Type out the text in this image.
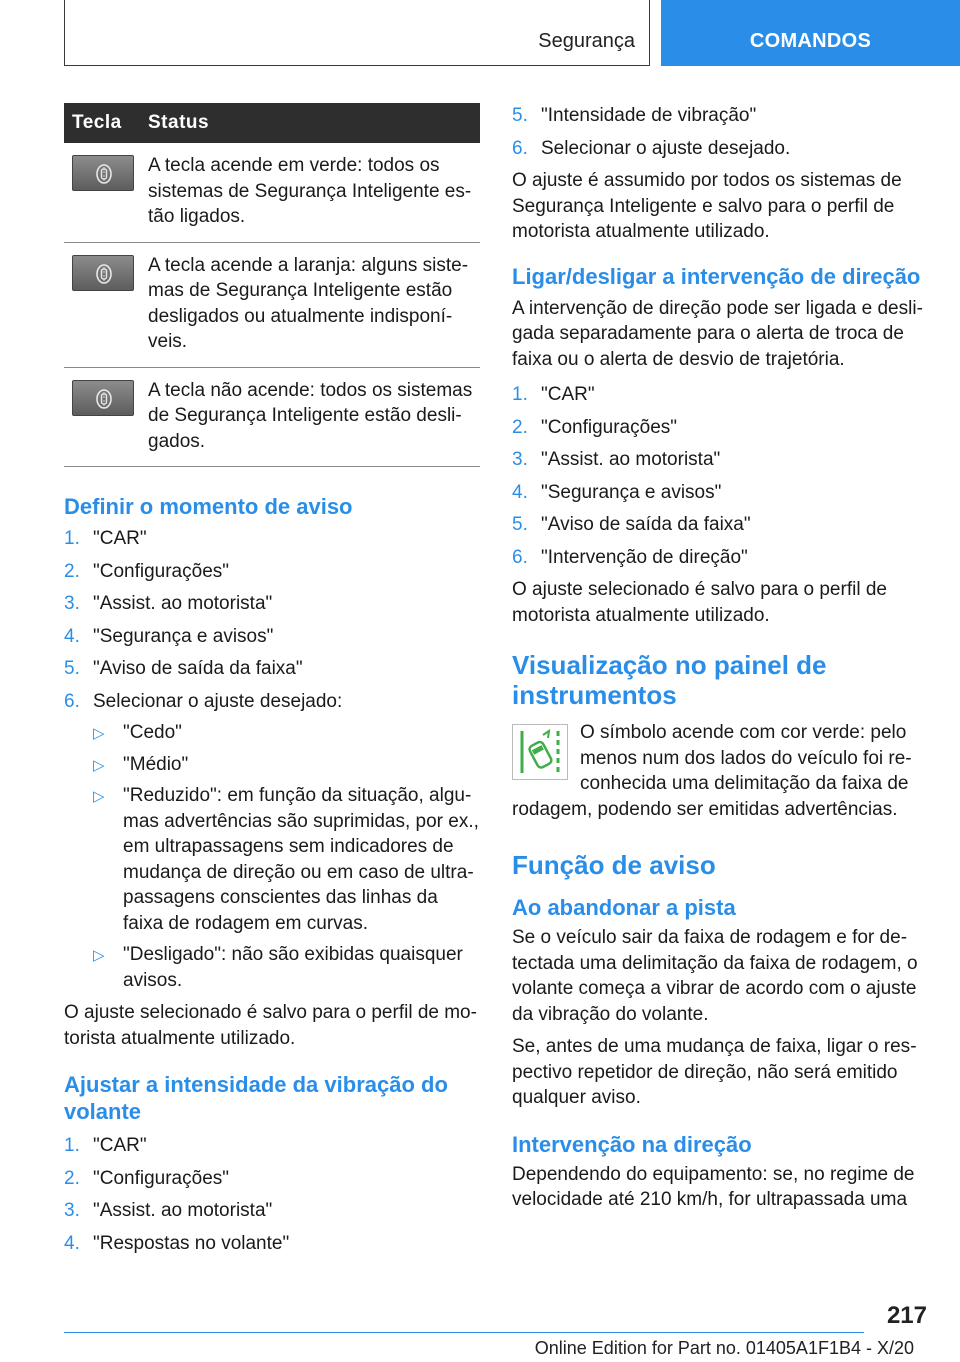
Segurança	COMANDOS
Tecla	Status

	A tecla acende em verde: todos os sistemas de Segurança Inteligente estão ligados.

	A tecla acende a laranja: alguns sistemas de Segurança Inteligente estão desligados ou atualmente indisponíveis.

	A tecla não acende: todos os sistemas de Segurança Inteligente estão desligados.
Definir o momento de aviso
1. "CAR"
2. "Configurações"
3. "Assist. ao motorista"
4. "Segurança e avisos"
5. "Aviso de saída da faixa"
6. Selecionar o ajuste desejado:
▷ "Cedo"
▷ "Médio"
▷ "Reduzido": em função da situação, algumas advertências são suprimidas, por ex., em ultrapassagens sem indicadores de mudança de direção ou em caso de ultrapassagens conscientes das linhas da faixa de rodagem em curvas.
▷ "Desligado": não são exibidas quaisquer avisos.

O ajuste selecionado é salvo para o perfil de motorista atualmente utilizado.

Ajustar a intensidade da vibração do volante
1. "CAR"
2. "Configurações"
3. "Assist. ao motorista"
4. "Respostas no volante"
5. "Intensidade de vibração"
6. Selecionar o ajuste desejado.

O ajuste é assumido por todos os sistemas de Segurança Inteligente e salvo para o perfil de motorista atualmente utilizado.

Ligar/desligar a intervenção de direção

A intervenção de direção pode ser ligada e desligada separadamente para o alerta de troca de faixa ou o alerta de desvio de trajetória.

1. "CAR"
2. "Configurações"
3. "Assist. ao motorista"
4. "Segurança e avisos"
5. "Aviso de saída da faixa"
6. "Intervenção de direção"

O ajuste selecionado é salvo para o perfil de motorista atualmente utilizado.

Visualização no painel de instrumentos

O símbolo acende com cor verde: pelo menos num dos lados do veículo foi reconhecida uma delimitação da faixa de rodagem, podendo ser emitidas advertências.

Função de aviso
Ao abandonar a pista

Se o veículo sair da faixa de rodagem e for detectada uma delimitação da faixa de rodagem, o volante começa a vibrar de acordo com o ajuste da vibração do volante.

Se, antes de uma mudança de faixa, ligar o respectivo repetidor de direção, não será emitido qualquer aviso.

Intervenção na direção

Dependendo do equipamento: se, no regime de velocidade até 210 km/h, for ultrapassada uma

217
Online Edition for Part no. 01405A1F1B4 - X/20
